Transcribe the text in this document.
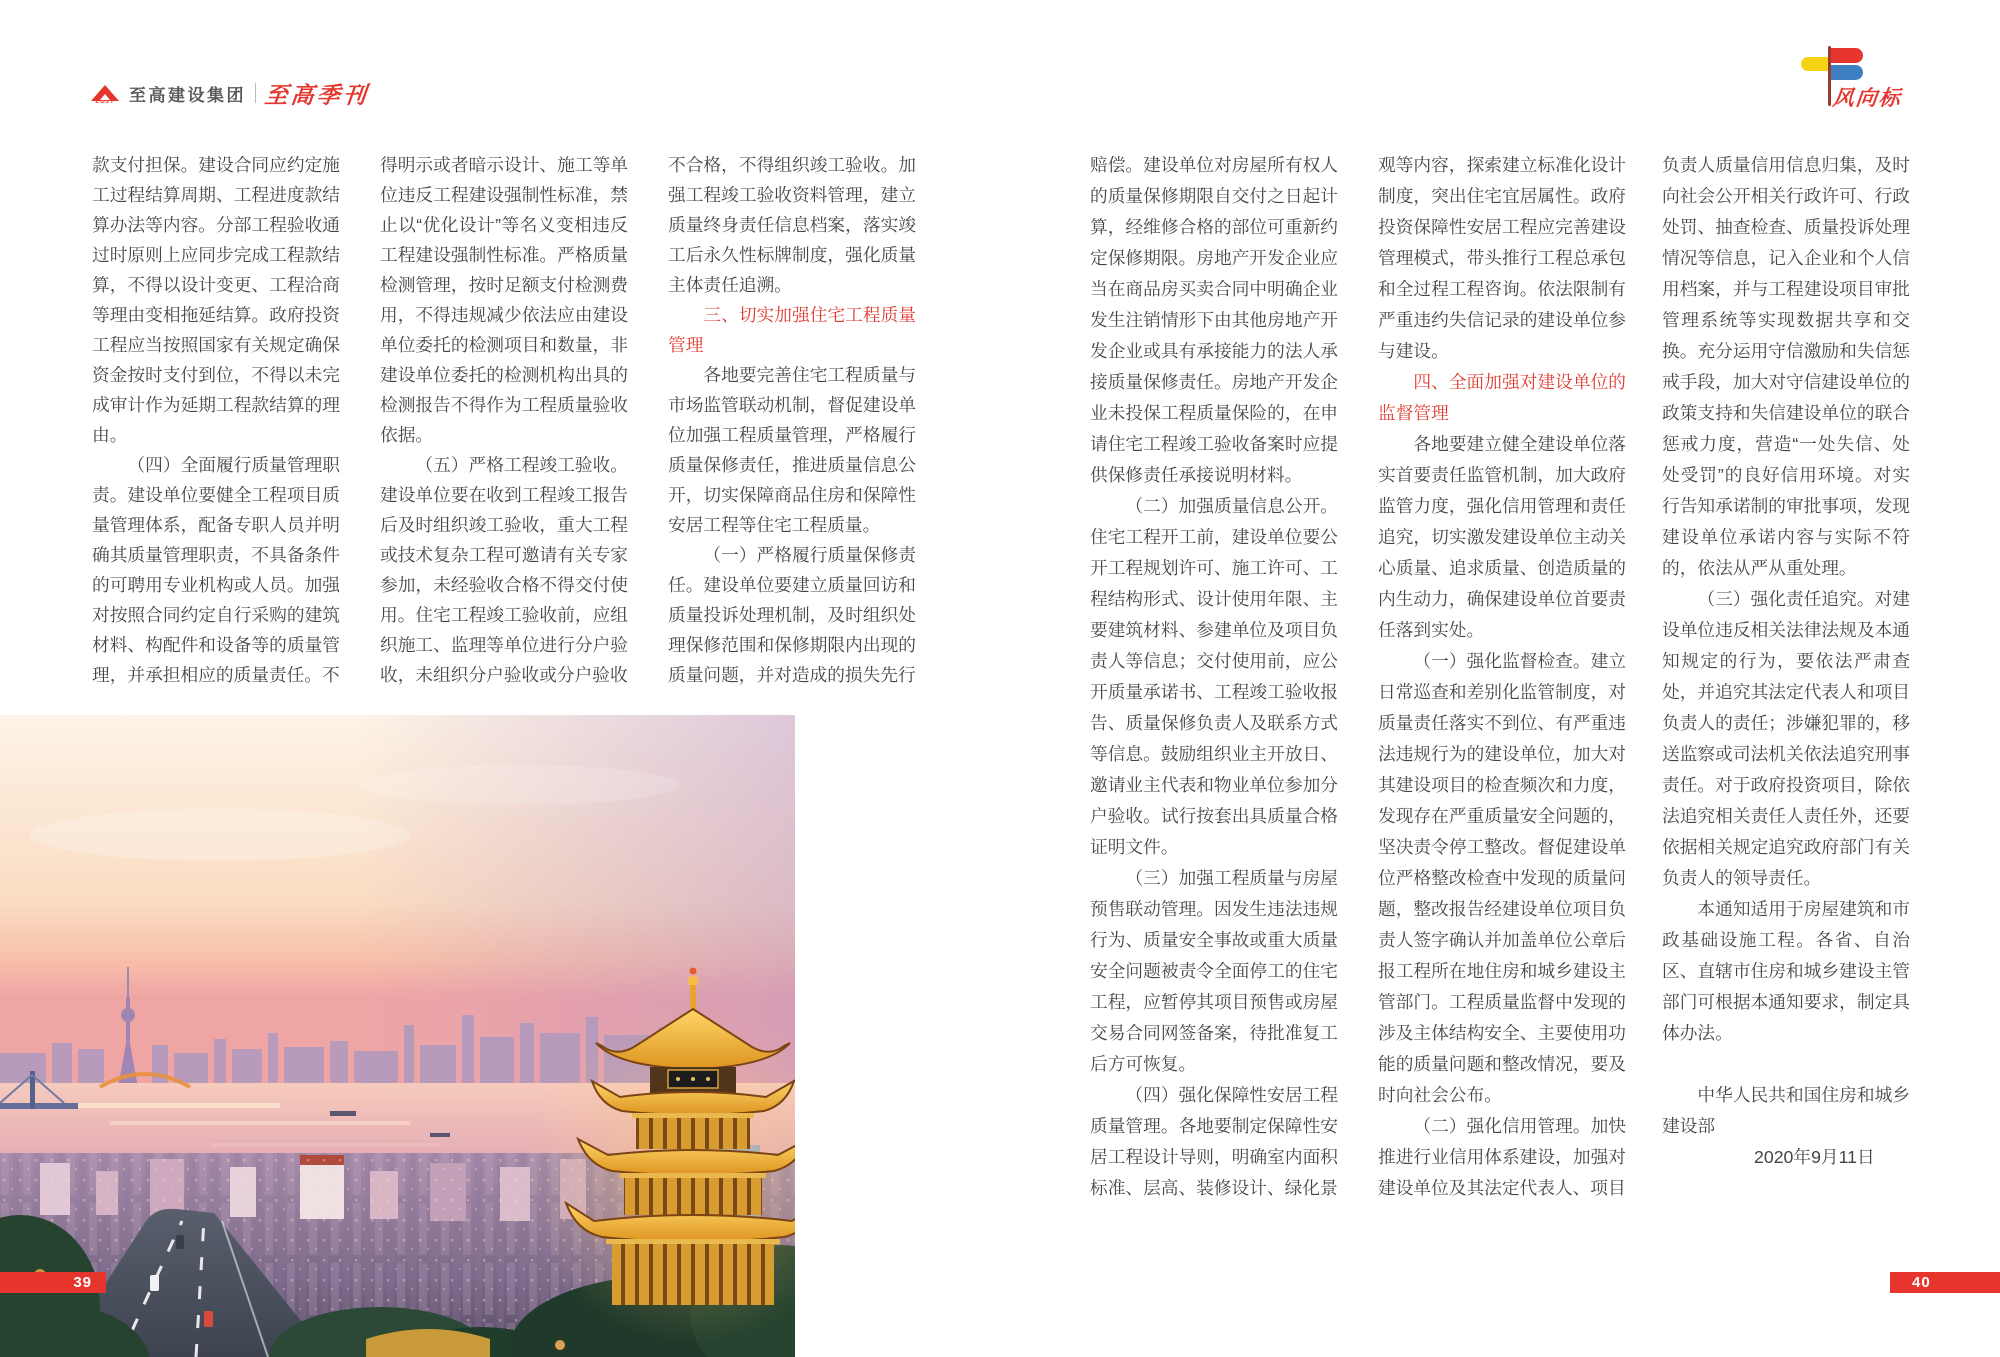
ZGJT 至高建设集团 至高季刊	风向标

款支付担保。建设合同应约定施工过程结算周期、工程进度款结算办法等内容。分部工程验收通过时原则上应同步完成工程款结算，不得以设计变更、工程洽商等理由变相拖延结算。政府投资工程应当按照国家有关规定确保资金按时支付到位，不得以未完成审计作为延期工程款结算的理由。

（四）全面履行质量管理职责。建设单位要健全工程项目质量管理体系，配备专职人员并明确其质量管理职责，不具备条件的可聘用专业机构或人员。加强对按照合同约定自行采购的建筑材料、构配件和设备等的质量管理，并承担相应的质量责任。不

得明示或者暗示设计、施工等单位违反工程建设强制性标准，禁止以“优化设计”等名义变相违反工程建设强制性标准。严格质量检测管理，按时足额支付检测费用，不得违规减少依法应由建设单位委托的检测项目和数量，非建设单位委托的检测机构出具的检测报告不得作为工程质量验收依据。

（五）严格工程竣工验收。建设单位要在收到工程竣工报告后及时组织竣工验收，重大工程或技术复杂工程可邀请有关专家参加，未经验收合格不得交付使用。住宅工程竣工验收前，应组织施工、监理等单位进行分户验收，未组织分户验收或分户验收

不合格，不得组织竣工验收。加强工程竣工验收资料管理，建立质量终身责任信息档案，落实竣工后永久性标牌制度，强化质量主体责任追溯。

三、切实加强住宅工程质量管理

各地要完善住宅工程质量与市场监管联动机制，督促建设单位加强工程质量管理，严格履行质量保修责任，推进质量信息公开，切实保障商品住房和保障性安居工程等住宅工程质量。

（一）严格履行质量保修责任。建设单位要建立质量回访和质量投诉处理机制，及时组织处理保修范围和保修期限内出现的质量问题，并对造成的损失先行

赔偿。建设单位对房屋所有权人的质量保修期限自交付之日起计算，经维修合格的部位可重新约定保修期限。房地产开发企业应当在商品房买卖合同中明确企业发生注销情形下由其他房地产开发企业或具有承接能力的法人承接质量保修责任。房地产开发企业未投保工程质量保险的，在申请住宅工程竣工验收备案时应提供保修责任承接说明材料。

（二）加强质量信息公开。住宅工程开工前，建设单位要公开工程规划许可、施工许可、工程结构形式、设计使用年限、主要建筑材料、参建单位及项目负责人等信息；交付使用前，应公开质量承诺书、工程竣工验收报告、质量保修负责人及联系方式等信息。鼓励组织业主开放日、邀请业主代表和物业单位参加分户验收。试行按套出具质量合格证明文件。

（三）加强工程质量与房屋预售联动管理。因发生违法违规行为、质量安全事故或重大质量安全问题被责令全面停工的住宅工程，应暂停其项目预售或房屋交易合同网签备案，待批准复工后方可恢复。

（四）强化保障性安居工程质量管理。各地要制定保障性安居工程设计导则，明确室内面积标准、层高、装修设计、绿化景

观等内容，探索建立标准化设计制度，突出住宅宜居属性。政府投资保障性安居工程应完善建设管理模式，带头推行工程总承包和全过程工程咨询。依法限制有严重违约失信记录的建设单位参与建设。

四、全面加强对建设单位的监督管理

各地要建立健全建设单位落实首要责任监管机制，加大政府监管力度，强化信用管理和责任追究，切实激发建设单位主动关心质量、追求质量、创造质量的内生动力，确保建设单位首要责任落到实处。

（一）强化监督检查。建立日常巡查和差别化监管制度，对质量责任落实不到位、有严重违法违规行为的建设单位，加大对其建设项目的检查频次和力度，发现存在严重质量安全问题的，坚决责令停工整改。督促建设单位严格整改检查中发现的质量问题，整改报告经建设单位项目负责人签字确认并加盖单位公章后报工程所在地住房和城乡建设主管部门。工程质量监督中发现的涉及主体结构安全、主要使用功能的质量问题和整改情况，要及时向社会公布。

（二）强化信用管理。加快推进行业信用体系建设，加强对建设单位及其法定代表人、项目

负责人质量信用信息归集，及时向社会公开相关行政许可、行政处罚、抽查检查、质量投诉处理情况等信息，记入企业和个人信用档案，并与工程建设项目审批管理系统等实现数据共享和交换。充分运用守信激励和失信惩戒手段，加大对守信建设单位的政策支持和失信建设单位的联合惩戒力度，营造“一处失信、处处受罚”的良好信用环境。对实行告知承诺制的审批事项，发现建设单位承诺内容与实际不符的，依法从严从重处理。

（三）强化责任追究。对建设单位违反相关法律法规及本通知规定的行为，要依法严肃查处，并追究其法定代表人和项目负责人的责任；涉嫌犯罪的，移送监察或司法机关依法追究刑事责任。对于政府投资项目，除依法追究相关责任人责任外，还要依据相关规定追究政府部门有关负责人的领导责任。

本通知适用于房屋建筑和市政基础设施工程。各省、自治区、直辖市住房和城乡建设主管部门可根据本通知要求，制定具体办法。

中华人民共和国住房和城乡建设部

2020年9月11日

39	40
